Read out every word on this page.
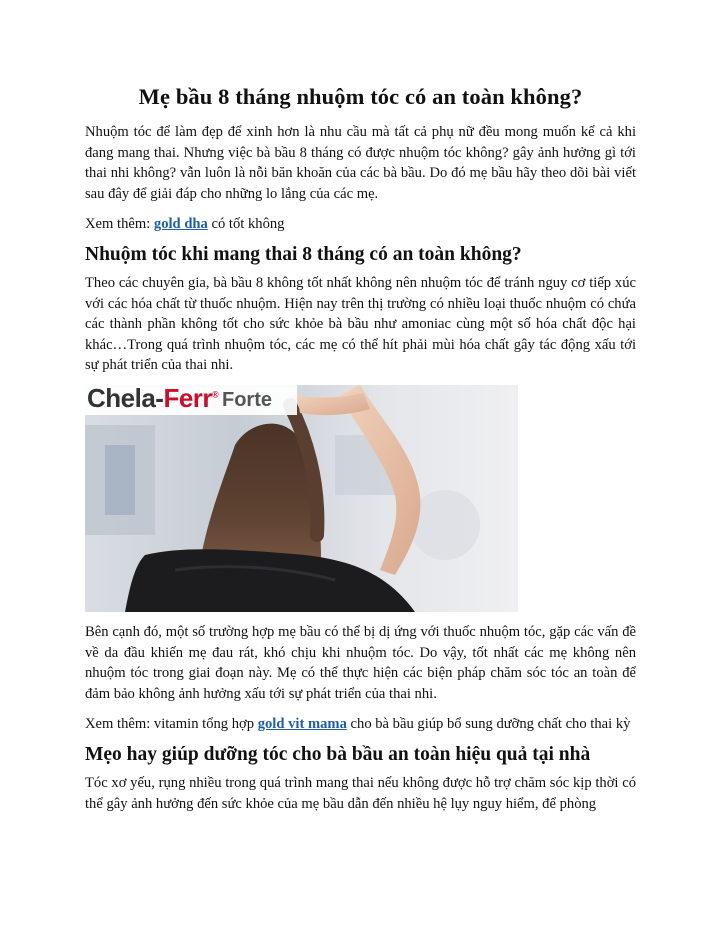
Mẹ bầu 8 tháng nhuộm tóc có an toàn không?

Nhuộm tóc để làm đẹp để xinh hơn là nhu cầu mà tất cả phụ nữ đều mong muốn kể cả khi đang mang thai. Nhưng việc bà bầu 8 tháng có được nhuộm tóc không? gây ảnh hưởng gì tới thai nhi không? vẫn luôn là nỗi băn khoăn của các bà bầu. Do đó mẹ bầu hãy theo dõi bài viết sau đây để giải đáp cho những lo lắng của các mẹ.

Xem thêm: gold dha có tốt không

Nhuộm tóc khi mang thai 8 tháng có an toàn không?

Theo các chuyên gia, bà bầu 8 không tốt nhất không nên nhuộm tóc để tránh nguy cơ tiếp xúc với các hóa chất từ thuốc nhuộm. Hiện nay trên thị trường có nhiều loại thuốc nhuộm có chứa các thành phần không tốt cho sức khỏe bà bầu như amoniac cùng một số hóa chất độc hại khác…Trong quá trình nhuộm tóc, các mẹ có thể hít phải mùi hóa chất gây tác động xấu tới sự phát triển của thai nhi.

Chela-Ferr® Forte

Bên cạnh đó, một số trường hợp mẹ bầu có thể bị dị ứng với thuốc nhuộm tóc, gặp các vấn đề về da đầu khiến mẹ đau rát, khó chịu khi nhuộm tóc. Do vậy, tốt nhất các mẹ không nên nhuộm tóc trong giai đoạn này. Mẹ có thể thực hiện các biện pháp chăm sóc tóc an toàn để đảm bảo không ảnh hưởng xấu tới sự phát triển của thai nhi.

Xem thêm: vitamin tổng hợp gold vit mama cho bà bầu giúp bổ sung dưỡng chất cho thai kỳ

Mẹo hay giúp dưỡng tóc cho bà bầu an toàn hiệu quả tại nhà

Tóc xơ yếu, rụng nhiều trong quá trình mang thai nếu không được hỗ trợ chăm sóc kịp thời có thể gây ảnh hưởng đến sức khỏe của mẹ bầu dẫn đến nhiều hệ lụy nguy hiểm, để phòng
